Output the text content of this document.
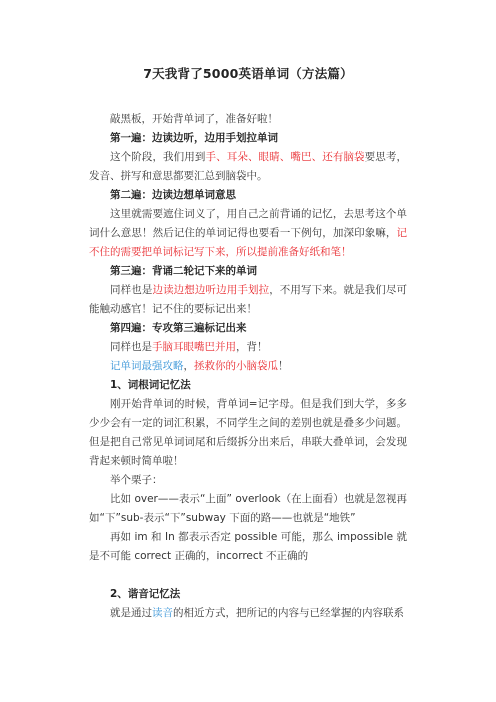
7天我背了5000英语单词（方法篇）

敲黑板，开始背单词了，准备好啦！

第一遍：边读边听，边用手划拉单词

这个阶段，我们用到手、耳朵、眼睛、嘴巴、还有脑袋要思考，发音、拼写和意思都要汇总到脑袋中。

第二遍：边读边想单词意思

这里就需要遮住词义了，用自己之前背诵的记忆，去思考这个单词什么意思！然后记住的单词记得也要看一下例句，加深印象嘛，记不住的需要把单词标记写下来，所以提前准备好纸和笔！

第三遍：背诵二轮记下来的单词

同样也是边读边想边听边用手划拉，不用写下来。就是我们尽可能触动感官！记不住的要标记出来！

第四遍：专攻第三遍标记出来

同样也是手脑耳眼嘴巴并用，背！

记单词最强攻略，拯救你的小脑袋瓜！

1、词根词记忆法

刚开始背单词的时候，背单词=记字母。但是我们到大学，多多少少会有一定的词汇积累，不同学生之间的差别也就是叠多少问题。但是把自己常见单词词尾和后缀拆分出来后，串联大叠单词，会发现背起来顿时简单啦！

举个栗子：

比如 over——表示“上面” overlook（在上面看）也就是忽视再如“下”sub-表示“下”subway 下面的路——也就是“地铁”

再如 im 和 In 都表示否定 possible 可能，那么 impossible 就是不可能 correct 正确的，incorrect 不正确的

2、谐音记忆法

就是通过读音的相近方式，把所记的内容与已经掌握的内容联系
